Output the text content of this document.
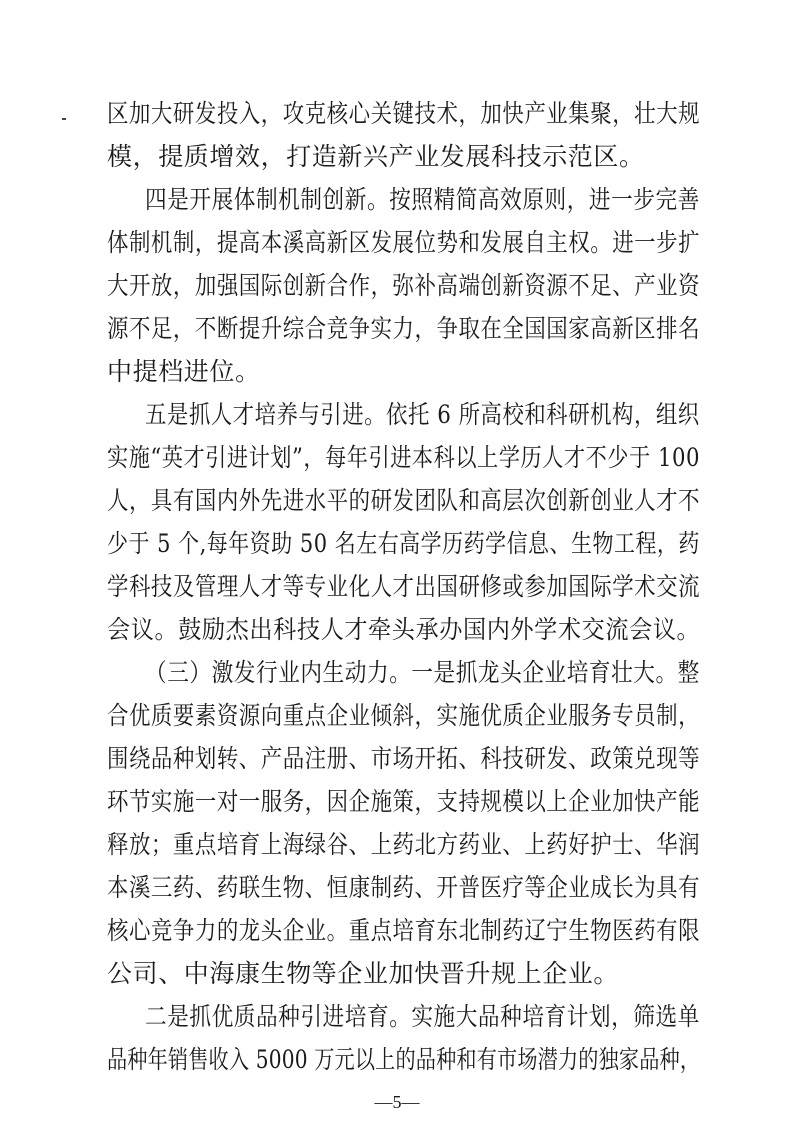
区加大研发投入，攻克核心关键技术，加快产业集聚，壮大规
模，提质增效，打造新兴产业发展科技示范区。
四是开展体制机制创新。按照精简高效原则，进一步完善
体制机制，提高本溪高新区发展位势和发展自主权。进一步扩
大开放，加强国际创新合作，弥补高端创新资源不足、产业资
源不足，不断提升综合竞争实力，争取在全国国家高新区排名
中提档进位。
五是抓人才培养与引进。依托 6 所高校和科研机构，组织
实施“英才引进计划”，每年引进本科以上学历人才不少于 100
人，具有国内外先进水平的研发团队和高层次创新创业人才不
少于 5 个,每年资助 50 名左右高学历药学信息、生物工程，药
学科技及管理人才等专业化人才出国研修或参加国际学术交流
会议。鼓励杰出科技人才牵头承办国内外学术交流会议。
（三）激发行业内生动力。一是抓龙头企业培育壮大。整
合优质要素资源向重点企业倾斜，实施优质企业服务专员制，
围绕品种划转、产品注册、市场开拓、科技研发、政策兑现等
环节实施一对一服务，因企施策，支持规模以上企业加快产能
释放；重点培育上海绿谷、上药北方药业、上药好护士、华润
本溪三药、药联生物、恒康制药、开普医疗等企业成长为具有
核心竞争力的龙头企业。重点培育东北制药辽宁生物医药有限
公司、中海康生物等企业加快晋升规上企业。
二是抓优质品种引进培育。实施大品种培育计划，筛选单
品种年销售收入 5000 万元以上的品种和有市场潜力的独家品种，
—5—
